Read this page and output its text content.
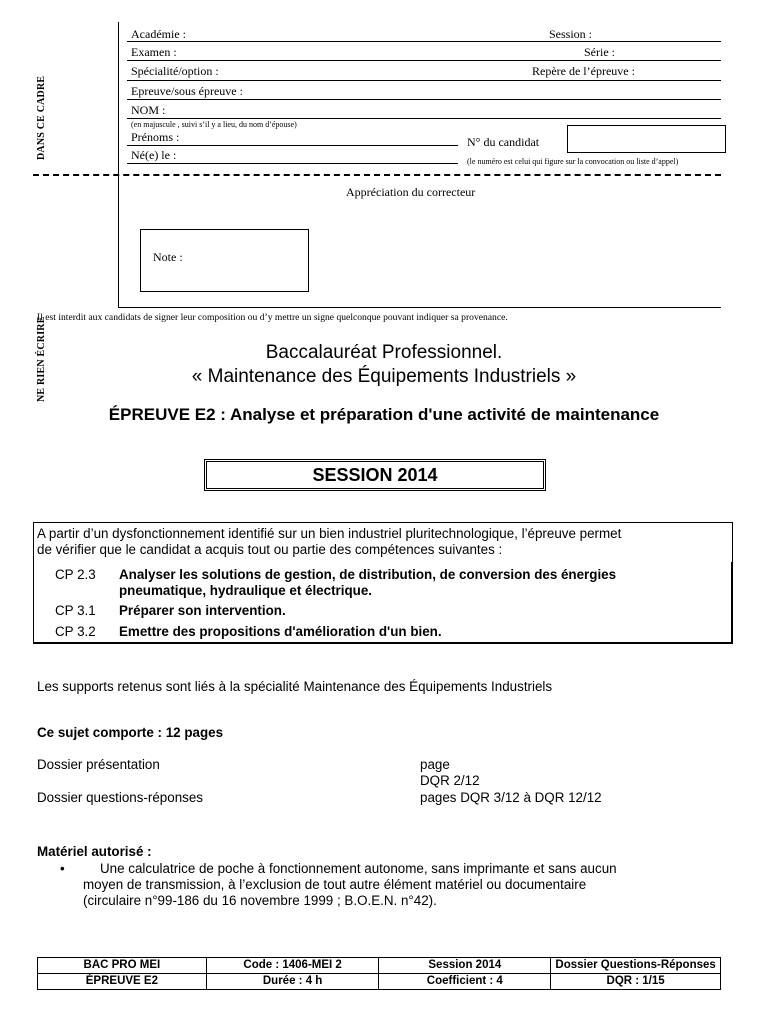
DANS CE CADRE
NE RIEN ÉCRIRE
Académie :	Session :
Examen :	Série :
Spécialité/option :	Repère de l’épreuve :
Epreuve/sous épreuve :
NOM :
(en majuscule , suivi s’il y a lieu, du nom d’épouse)
Prénoms :	N° du candidat
Né(e) le :	(le numéro est celui qui figure sur la convocation ou liste d’appel)
Appréciation du correcteur
Note :
Il est interdit aux candidats de signer leur composition ou d’y mettre un signe quelconque pouvant indiquer sa provenance.
Baccalauréat Professionnel.
« Maintenance des Équipements Industriels »
ÉPREUVE E2 : Analyse et préparation d'une activité de maintenance
SESSION 2014
A partir d’un dysfonctionnement identifié sur un bien industriel pluritechnologique, l’épreuve permet
de vérifier que le candidat a acquis tout ou partie des compétences suivantes :
CP 2.3 Analyser les solutions de gestion, de distribution, de conversion des énergies
pneumatique, hydraulique et électrique.
CP 3.1 Préparer son intervention.
CP 3.2 Emettre des propositions d'amélioration d'un bien.
Les supports retenus sont liés à la spécialité Maintenance des Équipements Industriels
Ce sujet comporte : 12 pages
Dossier présentation	page
DQR 2/12
Dossier questions-réponses	pages DQR 3/12 à DQR 12/12
Matériel autorisé :
•	Une calculatrice de poche à fonctionnement autonome, sans imprimante et sans aucun
moyen de transmission, à l’exclusion de tout autre élément matériel ou documentaire
(circulaire n°99-186 du 16 novembre 1999 ; B.O.E.N. n°42).
BAC PRO MEI	Code : 1406-MEI 2	Session 2014	Dossier Questions-Réponses
ÉPREUVE E2	Durée : 4 h	Coefficient : 4	DQR : 1/15
